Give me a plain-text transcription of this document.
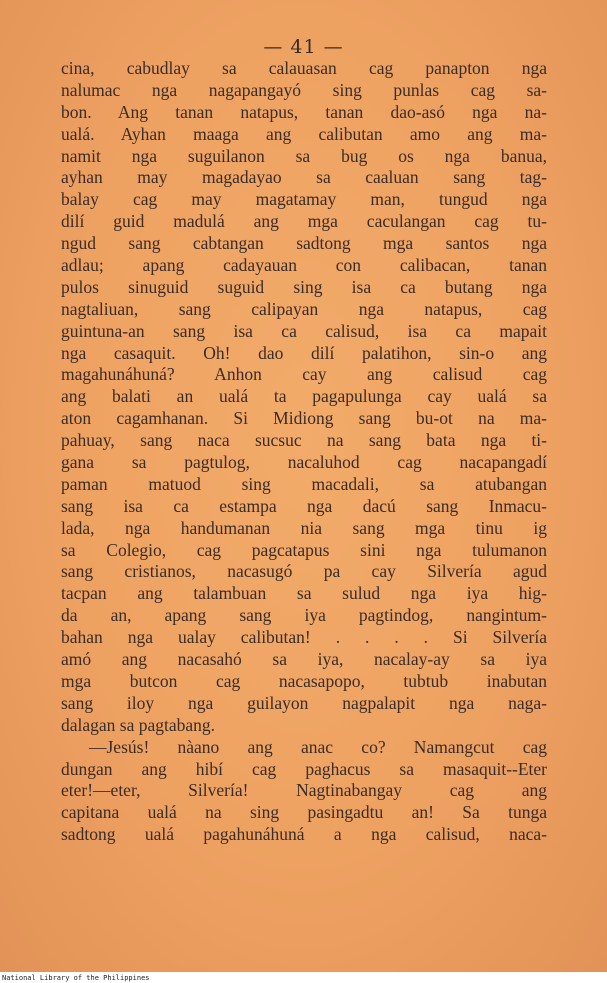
— 41 —
cina, cabudlay sa calauasan cag panapton nga
nalumac nga nagapangayó sing punlas cag sa-
bon. Ang tanan natapus, tanan dao-asó nga na-
ualá. Ayhan maaga ang calibutan amo ang ma-
namit nga suguilanon sa bug os nga banua,
ayhan may magadayao sa caaluan sang tag-
balay cag may magatamay man, tungud nga
dilí guid madulá ang mga caculangan cag tu-
ngud sang cabtangan sadtong mga santos nga
adlau; apang cadayauan con calibacan, tanan
pulos sinuguid suguid sing isa ca butang nga
nagtaliuan, sang calipayan nga natapus, cag
guintuna-an sang isa ca calisud, isa ca mapait
nga casaquit. Oh! dao dilí palatihon, sin-o ang
magahunáhuná? Anhon cay ang calisud cag
ang balati an ualá ta pagapulunga cay ualá sa
aton cagamhanan. Si Midiong sang bu-ot na ma-
pahuay, sang naca sucsuc na sang bata nga ti-
gana sa pagtulog, nacaluhod cag nacapangadí
paman matuod sing macadali, sa atubangan
sang isa ca estampa nga dacú sang Inmacu-
lada, nga handumanan nia sang mga tinu ig
sa Colegio, cag pagcatapus sini nga tulumanon
sang cristianos, nacasugó pa cay Silvería agud
tacpan ang talambuan sa sulud nga iya hig-
da an, apang sang iya pagtindog, nangintum-
bahan nga ualay calibutan! . . . . Si Silvería
amó ang nacasahó sa iya, nacalay-ay sa iya
mga butcon cag nacasapopo, tubtub inabutan
sang iloy nga guilayon nagpalapit nga naga-
dalagan sa pagtabang.
—Jesús! nàano ang anac co? Namangcut cag
dungan ang hibí cag paghacus sa masaquit--Eter
eter!—eter, Silvería! Nagtinabangay cag ang
capitana ualá na sing pasingadtu an! Sa tunga
sadtong ualá pagahunáhuná a nga calisud, naca-
National Library of the Philippines
